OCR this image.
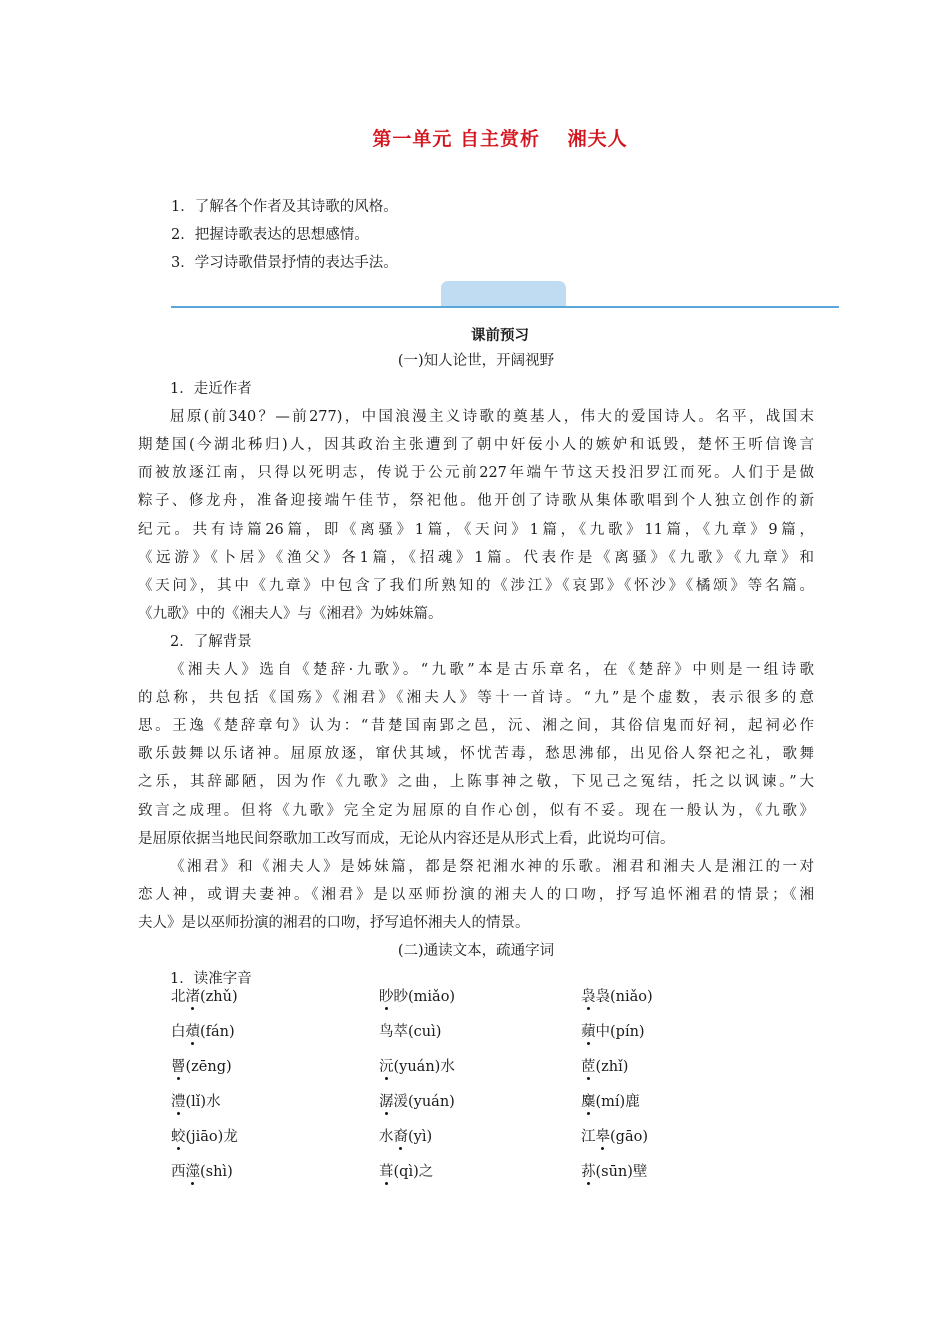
第一单元 自主赏析　 湘夫人
1．了解各个作者及其诗歌的风格。
2．把握诗歌表达的思想感情。
3．学习诗歌借景抒情的表达手法。
课前预习
(一)知人论世，开阔视野
1．走近作者
屈原(前340？—前277)，中国浪漫主义诗歌的奠基人，伟大的爱国诗人。名平，战国末
期楚国(今湖北秭归)人，因其政治主张遭到了朝中奸佞小人的嫉妒和诋毁，楚怀王听信谗言
而被放逐江南，只得以死明志，传说于公元前227年端午节这天投汨罗江而死。人们于是做
粽子、修龙舟，准备迎接端午佳节，祭祀他。他开创了诗歌从集体歌唱到个人独立创作的新
纪元。共有诗篇26篇，即《离骚》1篇，《天问》1篇，《九歌》11篇，《九章》9篇，
《远游》《卜居》《渔父》各1篇，《招魂》1篇。代表作是《离骚》《九歌》《九章》和
《天问》，其中《九章》中包含了我们所熟知的《涉江》《哀郢》《怀沙》《橘颂》等名篇。
《九歌》中的《湘夫人》与《湘君》为姊妹篇。
2．了解背景
《湘夫人》选自《楚辞·九歌》。“九歌”本是古乐章名，在《楚辞》中则是一组诗歌
的总称，共包括《国殇》《湘君》《湘夫人》等十一首诗。“九”是个虚数，表示很多的意
思。王逸《楚辞章句》认为：“昔楚国南郢之邑，沅、湘之间，其俗信鬼而好祠，起祠必作
歌乐鼓舞以乐诸神。屈原放逐，窜伏其域，怀忧苦毒，愁思沸郁，出见俗人祭祀之礼，歌舞
之乐，其辞鄙陋，因为作《九歌》之曲，上陈事神之敬，下见己之冤结，托之以讽谏。”大
致言之成理。但将《九歌》完全定为屈原的自作心创，似有不妥。现在一般认为，《九歌》
是屈原依据当地民间祭歌加工改写而成，无论从内容还是从形式上看，此说均可信。
《湘君》和《湘夫人》是姊妹篇，都是祭祀湘水神的乐歌。湘君和湘夫人是湘江的一对
恋人神，或谓夫妻神。《湘君》是以巫师扮演的湘夫人的口吻，抒写追怀湘君的情景；《湘
夫人》是以巫师扮演的湘君的口吻，抒写追怀湘夫人的情景。
(二)通读文本，疏通字词
1．读准字音
北渚(zhǔ)	眇眇(miǎo)	袅袅(niǎo)
白薠(fán)	鸟萃(cuì)	蘋中(pín)
罾(zēng)	沅(yuán)水	茝(zhǐ)
澧(lǐ)水	潺湲(yuán)	麋(mí)鹿
蛟(jiāo)龙	水裔(yì)	江皋(gāo)
西澨(shì)	葺(qì)之	荪(sūn)壁
